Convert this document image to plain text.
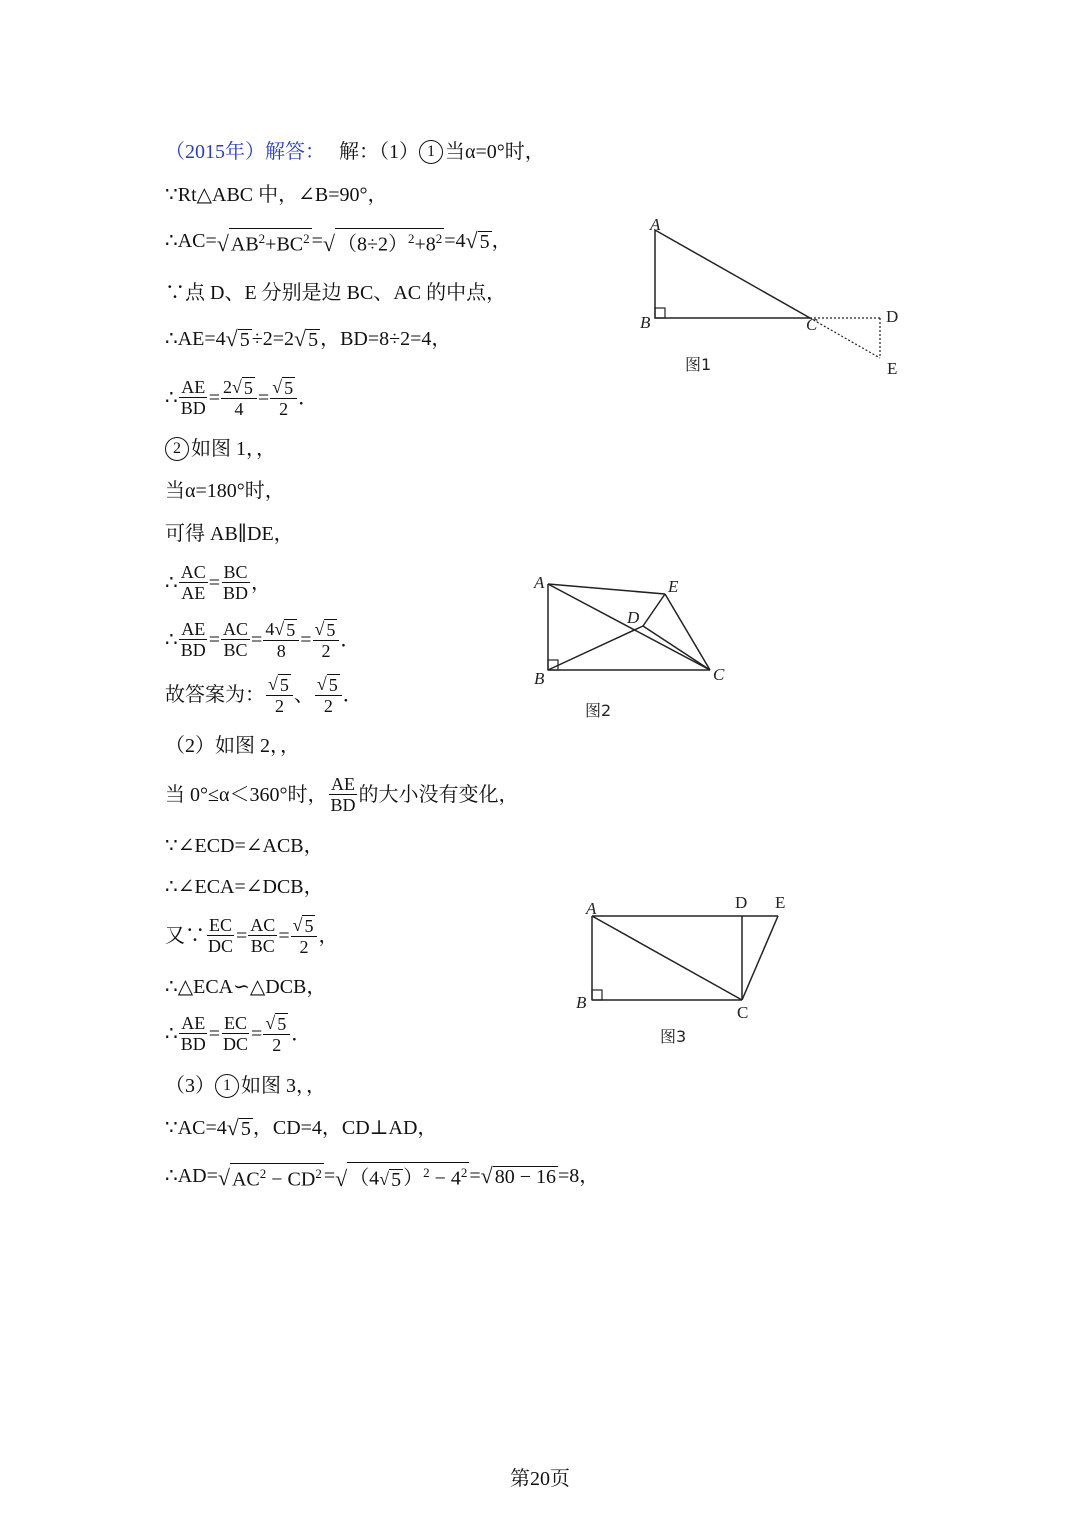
（2015年）解答： 解：（1） 1 当α=0°时，
∵Rt△ABC 中，∠B=90°，
∴AC= √ $AB^2+BC^2$ = √ $(8\div 2)^2+8^2 =4$ √ 5 ，
∵点 D、E 分别是边 BC、AC 的中点，
∴AE=4 √ 5 ÷2=2 √ 5 ，BD=8÷2=4，
∴ $\frac{AE}{BD} = \frac{2 √ 5}{4} = \frac{√ 5}{2}$ ．
2 如图 1，，
当α=180°时，
可得 AB∥DE，
∴ $\frac{AC}{AE} = \frac{BC}{BD}$ ，
∴ $\frac{AE}{BD} = \frac{AC}{BC} = \frac{4 √ 5}{8} = \frac{√ 5}{2}$ ．
故答案为： $\frac{√ 5}{2}$ 、 $\frac{√ 5}{2}$ ．
（2）如图 2，，
当 0°≤α＜360°时， $\frac{AE}{BD}$ 的大小没有变化，
∵∠ECD=∠ACB，
∴∠ECA=∠DCB，
又∵ $\frac{EC}{DC} = \frac{AC}{BC} = \frac{√ 5}{2}$ ，
∴△ECA∽△DCB，
∴ $\frac{AE}{BD} = \frac{EC}{DC} = \frac{√ 5}{2}$ ．
（3） 1 如图 3，，
∵AC=4 √ 5 ，CD=4，CD⊥AD，
∴AD= √ $AC^2 - CD^2$ = √ （4 √ 5 ）$^2 - 4^2$ = √ 80 − 16 =8，
A
B	C	D
E
图1
A	E
D
B	C
图2
A	D E
B
C
图3
第20页
